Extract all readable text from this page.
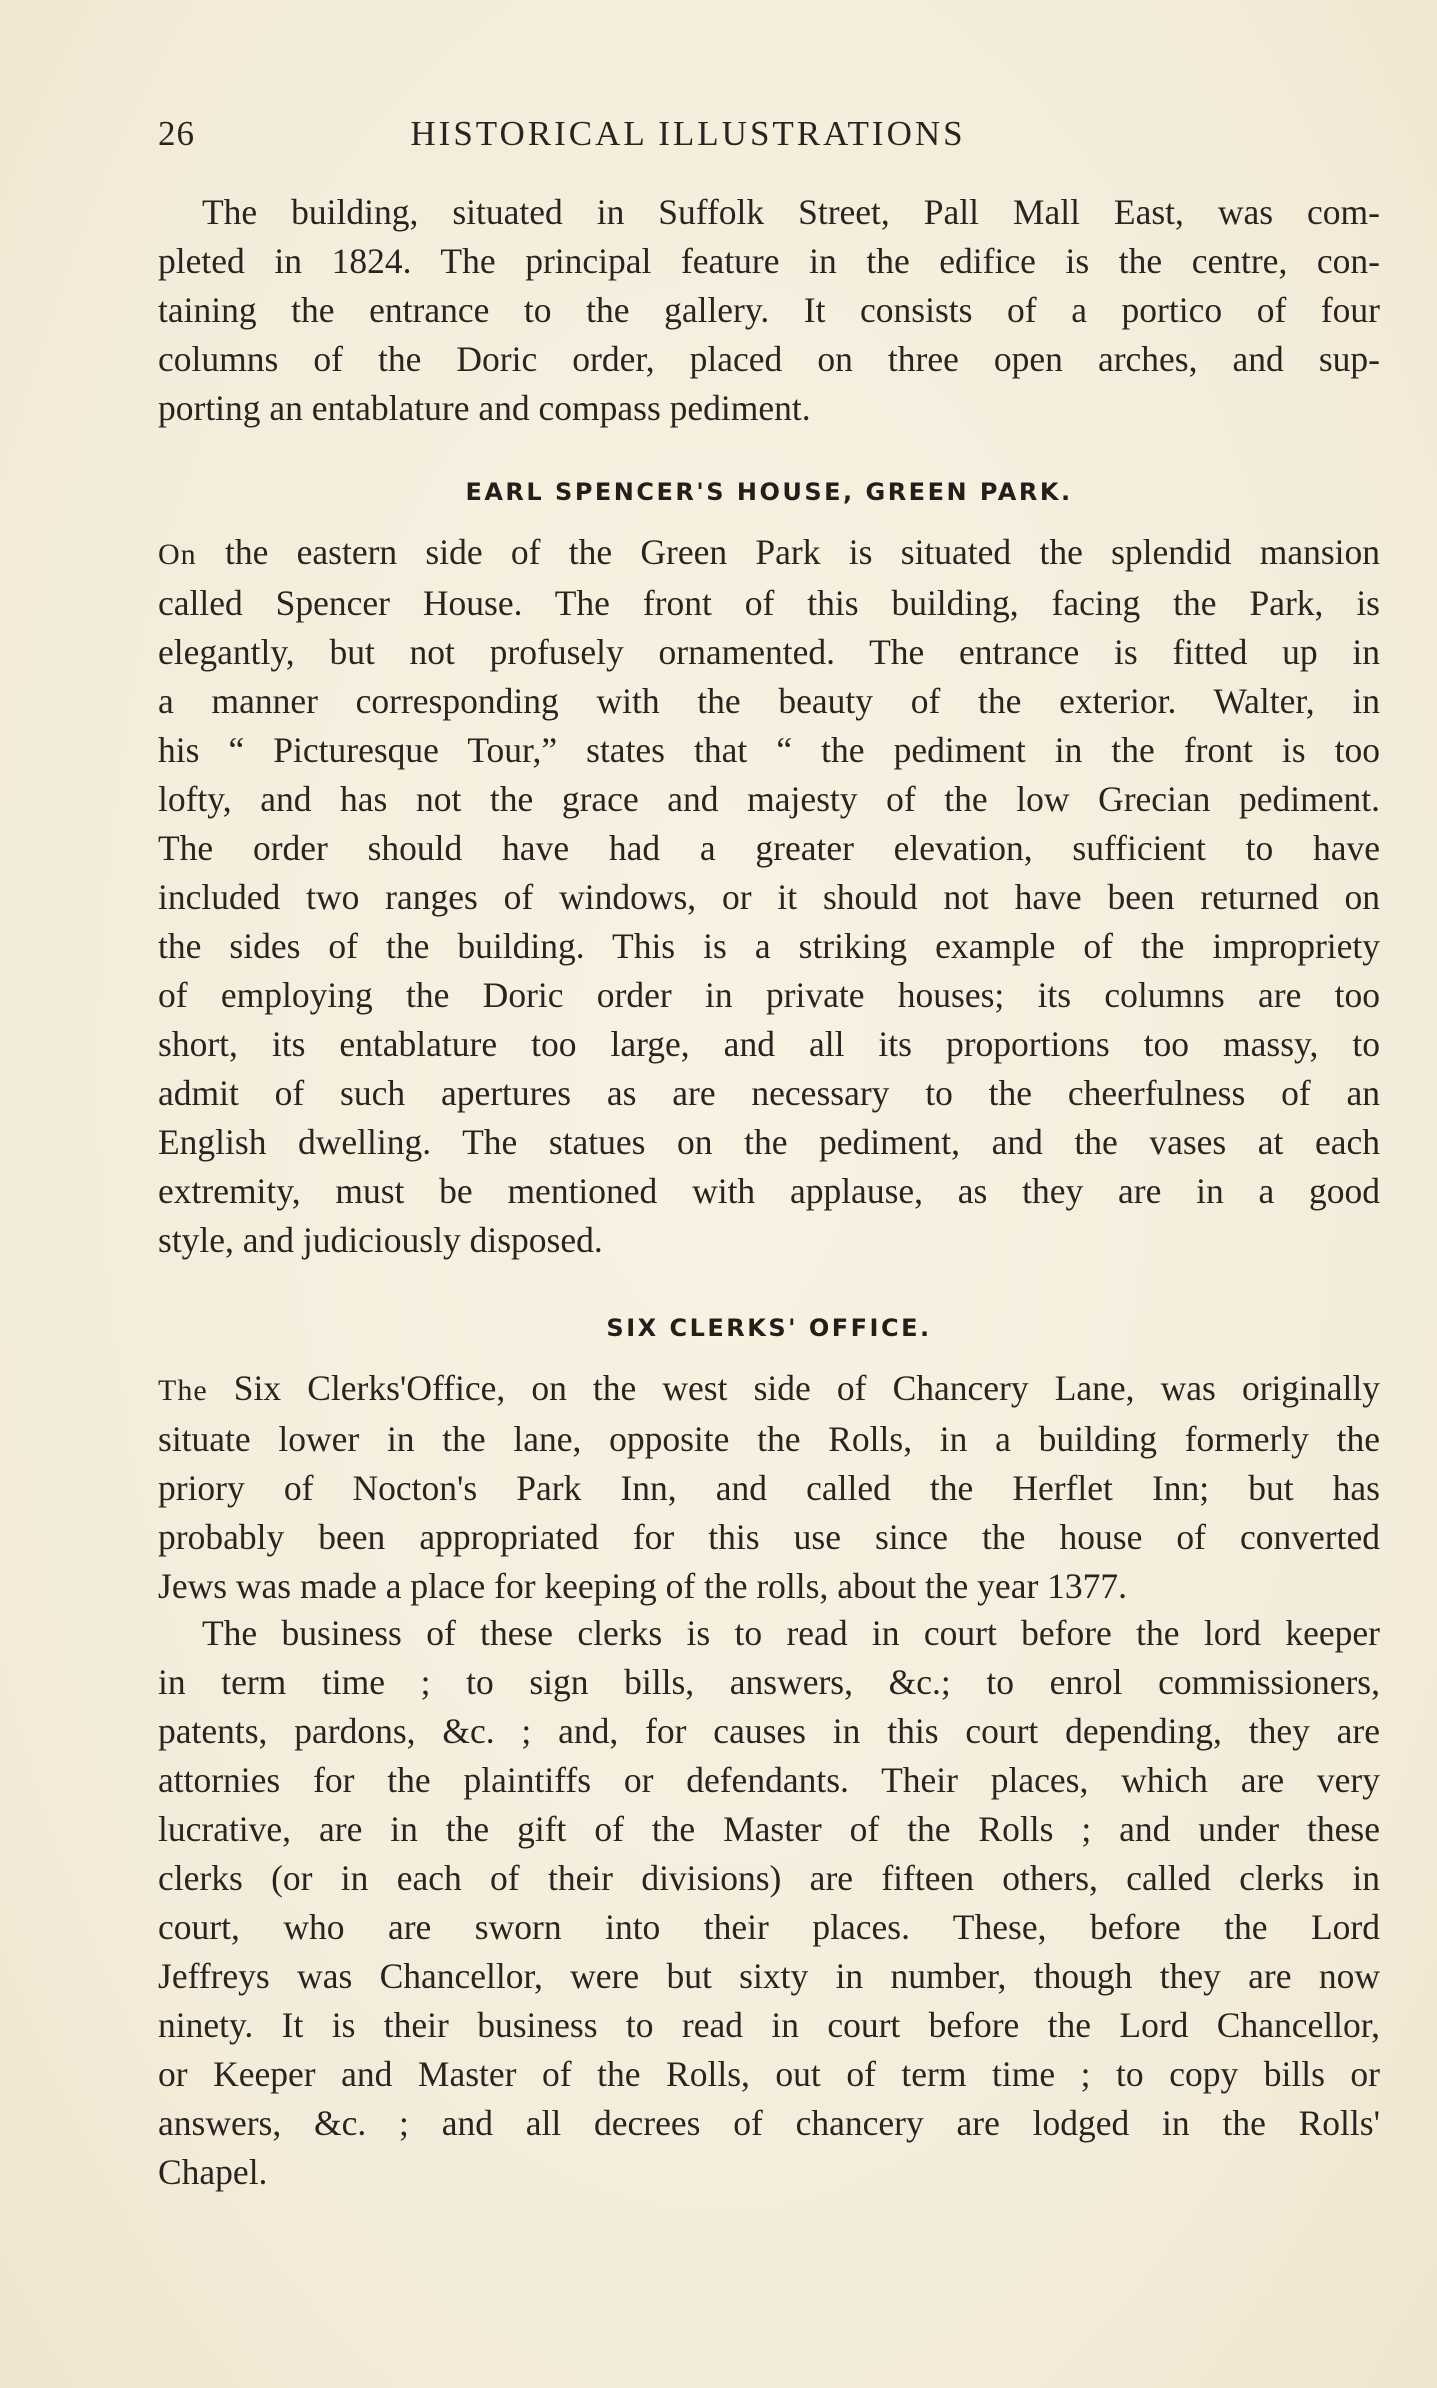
26	HISTORICAL ILLUSTRATIONS

The building, situated in Suffolk Street, Pall Mall East, was com-
pleted in 1824. The principal feature in the edifice is the centre, con-
taining the entrance to the gallery. It consists of a portico of four
columns of the Doric order, placed on three open arches, and sup-
porting an entablature and compass pediment.

EARL SPENCER'S HOUSE, GREEN PARK.

On the eastern side of the Green Park is situated the splendid mansion
called Spencer House. The front of this building, facing the Park, is
elegantly, but not profusely ornamented. The entrance is fitted up in
a manner corresponding with the beauty of the exterior. Walter, in
his “ Picturesque Tour,” states that “ the pediment in the front is too
lofty, and has not the grace and majesty of the low Grecian pediment.
The order should have had a greater elevation, sufficient to have
included two ranges of windows, or it should not have been returned on
the sides of the building. This is a striking example of the impropriety
of employing the Doric order in private houses; its columns are too
short, its entablature too large, and all its proportions too massy, to
admit of such apertures as are necessary to the cheerfulness of an
English dwelling. The statues on the pediment, and the vases at each
extremity, must be mentioned with applause, as they are in a good
style, and judiciously disposed.

SIX CLERKS' OFFICE.

The Six Clerks'Office, on the west side of Chancery Lane, was originally
situate lower in the lane, opposite the Rolls, in a building formerly the
priory of Nocton's Park Inn, and called the Herflet Inn; but has
probably been appropriated for this use since the house of converted
Jews was made a place for keeping of the rolls, about the year 1377.

The business of these clerks is to read in court before the lord keeper
in term time ; to sign bills, answers, &c.; to enrol commissioners,
patents, pardons, &c. ; and, for causes in this court depending, they are
attornies for the plaintiffs or defendants. Their places, which are very
lucrative, are in the gift of the Master of the Rolls ; and under these
clerks (or in each of their divisions) are fifteen others, called clerks in
court, who are sworn into their places. These, before the Lord
Jeffreys was Chancellor, were but sixty in number, though they are now
ninety. It is their business to read in court before the Lord Chancellor,
or Keeper and Master of the Rolls, out of term time ; to copy bills or
answers, &c. ; and all decrees of chancery are lodged in the Rolls'
Chapel.
